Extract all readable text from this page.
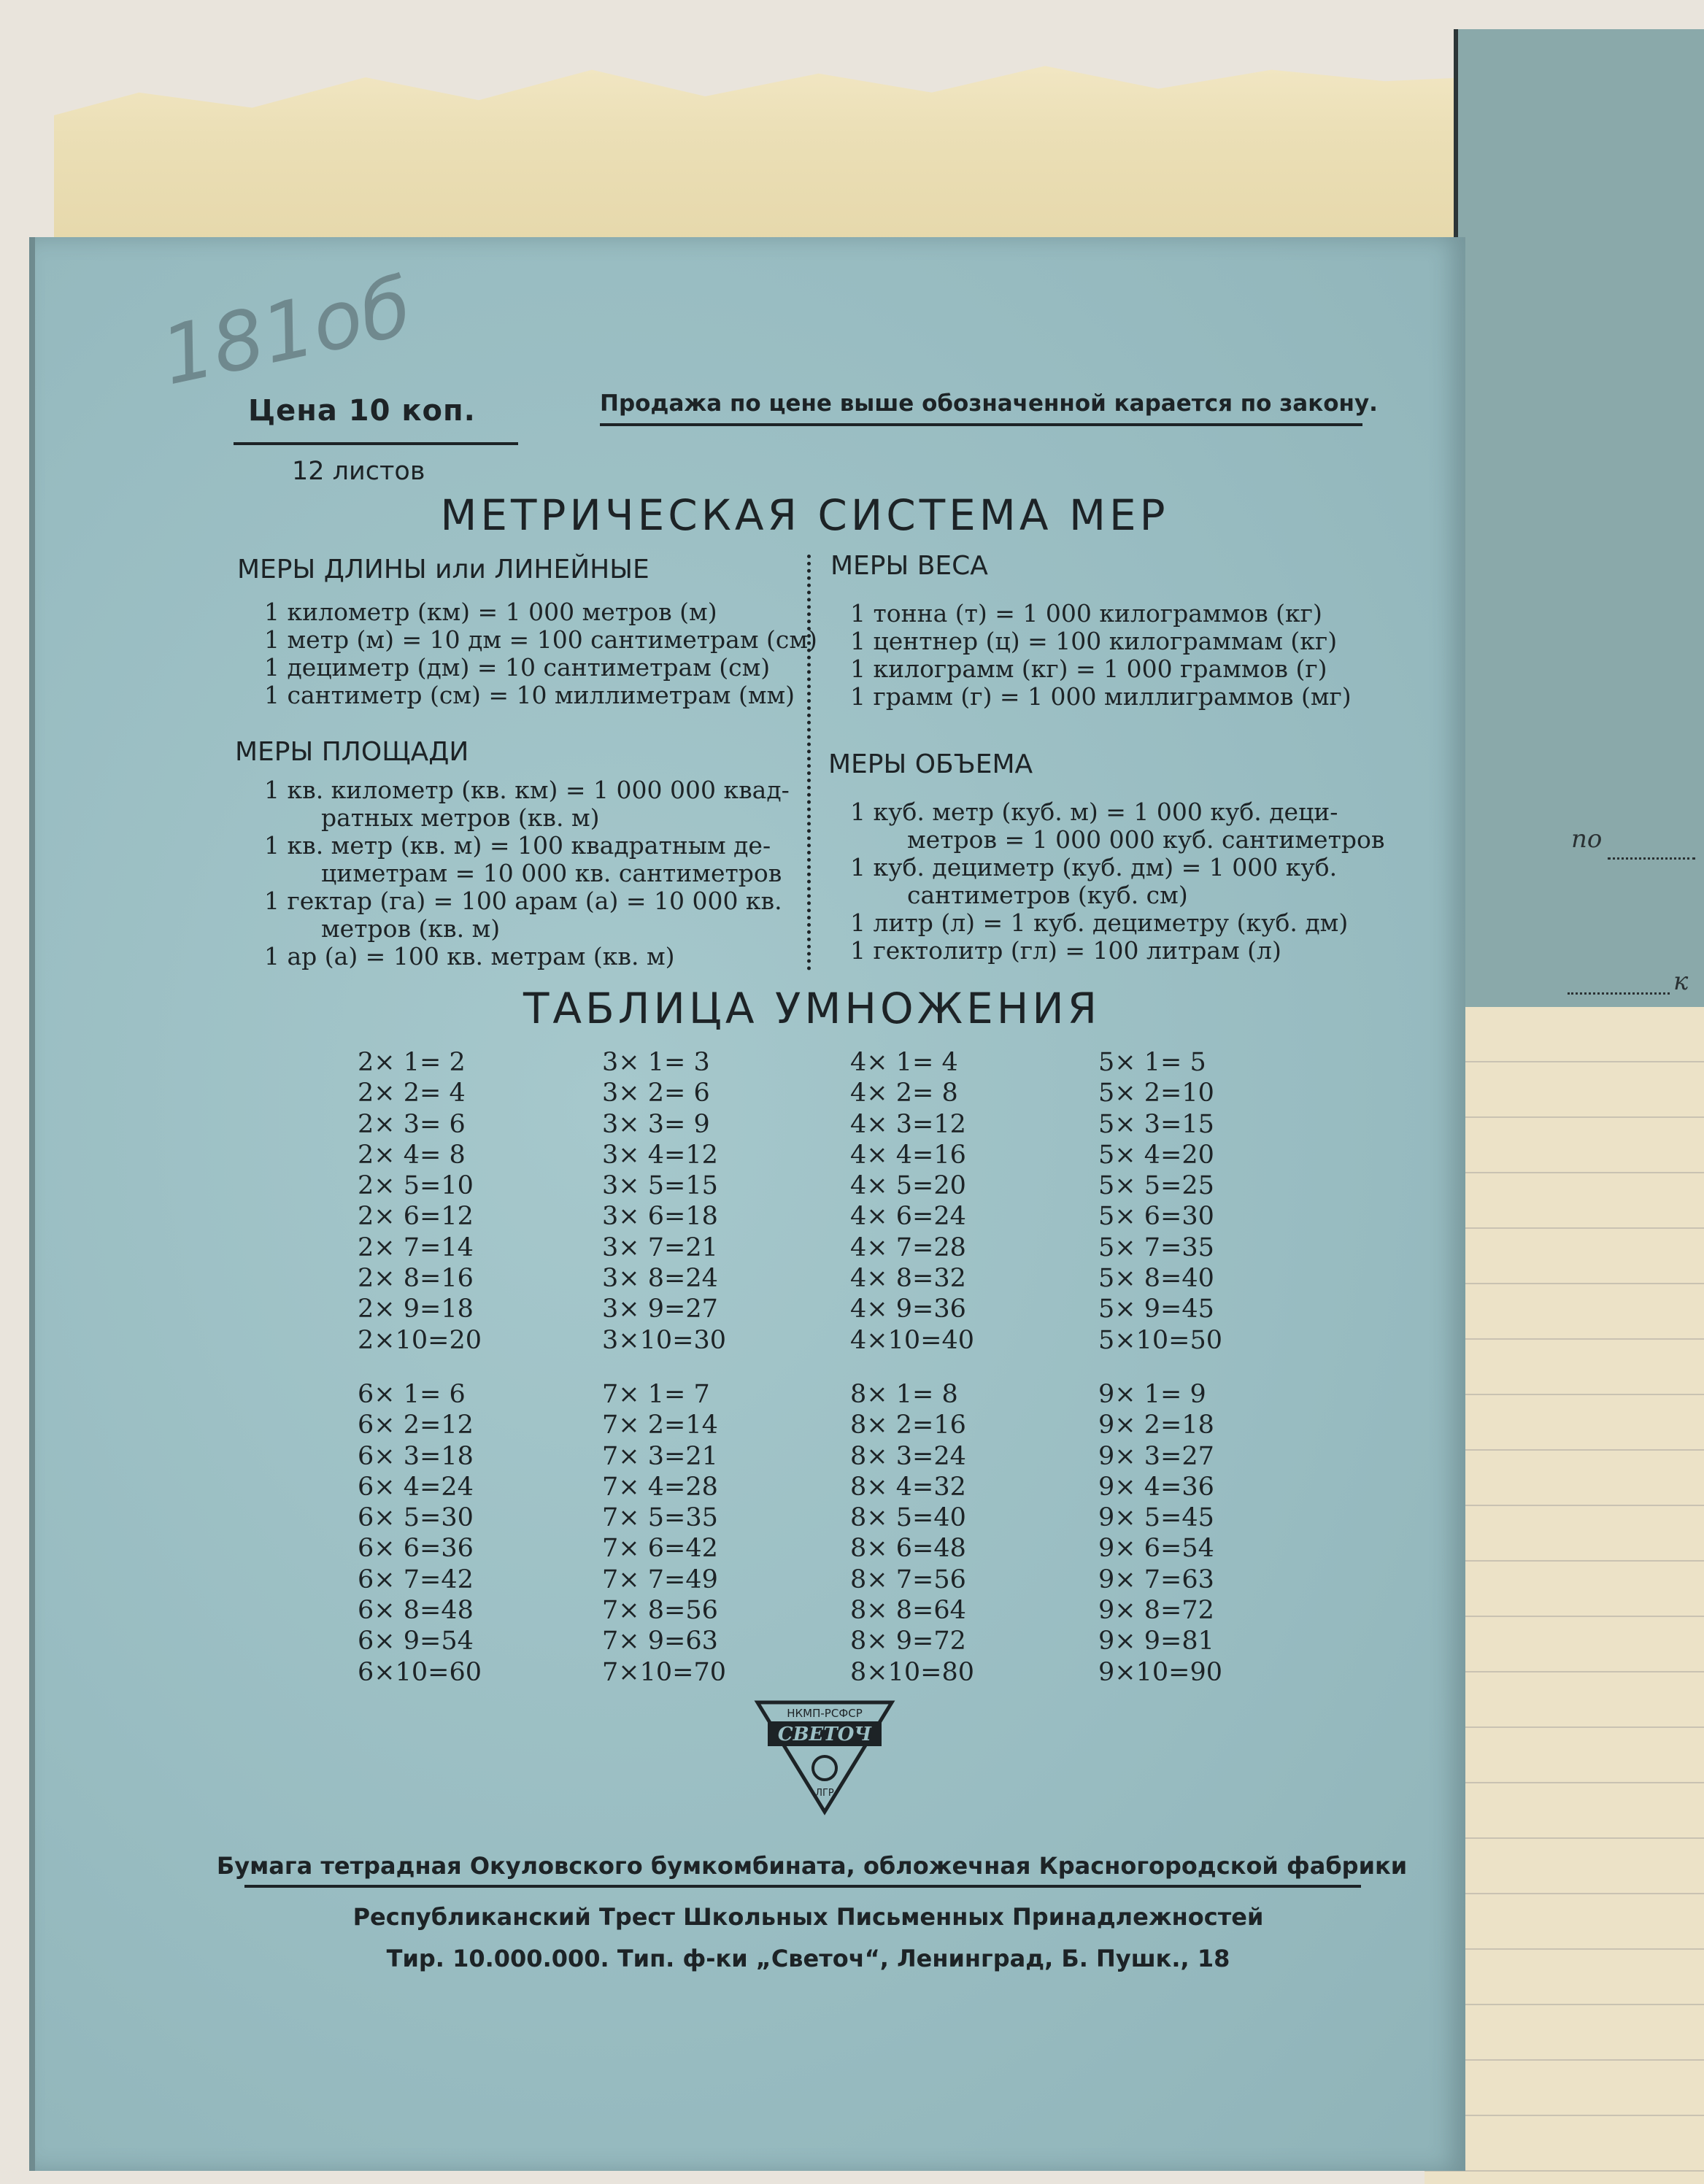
по
к
181об
Цена 10 коп.	Продажа по цене выше обозначенной карается по закону.
12 листов
МЕТРИЧЕСКАЯ СИСТЕМА МЕР
МЕРЫ ДЛИНЫ или ЛИНЕЙНЫЕ
1 километр (км) = 1 000 метров (м)
1 метр (м) = 10 дм = 100 сантиметрам (см)
1 дециметр (дм) = 10 сантиметрам (см)
1 сантиметр (см) = 10 миллиметрам (мм)
МЕРЫ ПЛОЩАДИ
1 кв. километр (кв. км) = 1 000 000 квад-
ратных метров (кв. м)
1 кв. метр (кв. м) = 100 квадратным де-
циметрам = 10 000 кв. сантиметров
1 гектар (га) = 100 арам (а) = 10 000 кв.
метров (кв. м)
1 ар (а) = 100 кв. метрам (кв. м)
МЕРЫ ВЕСА
1 тонна (т) = 1 000 килограммов (кг)
1 центнер (ц) = 100 килограммам (кг)
1 килограмм (кг) = 1 000 граммов (г)
1 грамм (г) = 1 000 миллиграммов (мг)
МЕРЫ ОБЪЕМА
1 куб. метр (куб. м) = 1 000 куб. деци-
метров = 1 000 000 куб. сантиметров
1 куб. дециметр (куб. дм) = 1 000 куб.
сантиметров (куб. см)
1 литр (л) = 1 куб. дециметру (куб. дм)
1 гектолитр (гл) = 100 литрам (л)
ТАБЛИЦА УМНОЖЕНИЯ
2× 1= 2
2× 2= 4
2× 3= 6
2× 4= 8
2× 5=10
2× 6=12
2× 7=14
2× 8=16
2× 9=18
2×10=20
3× 1= 3
3× 2= 6
3× 3= 9
3× 4=12
3× 5=15
3× 6=18
3× 7=21
3× 8=24
3× 9=27
3×10=30
4× 1= 4
4× 2= 8
4× 3=12
4× 4=16
4× 5=20
4× 6=24
4× 7=28
4× 8=32
4× 9=36
4×10=40
5× 1= 5
5× 2=10
5× 3=15
5× 4=20
5× 5=25
5× 6=30
5× 7=35
5× 8=40
5× 9=45
5×10=50
6× 1= 6
6× 2=12
6× 3=18
6× 4=24
6× 5=30
6× 6=36
6× 7=42
6× 8=48
6× 9=54
6×10=60
7× 1= 7
7× 2=14
7× 3=21
7× 4=28
7× 5=35
7× 6=42
7× 7=49
7× 8=56
7× 9=63
7×10=70
8× 1= 8
8× 2=16
8× 3=24
8× 4=32
8× 5=40
8× 6=48
8× 7=56
8× 8=64
8× 9=72
8×10=80
9× 1= 9
9× 2=18
9× 3=27
9× 4=36
9× 5=45
9× 6=54
9× 7=63
9× 8=72
9× 9=81
9×10=90
НКМП-РСФСР
СВЕТОЧ
ЛГР
Бумага тетрадная Окуловского бумкомбината, обложечная Красногородской фабрики
Республиканский Трест Школьных Письменных Принадлежностей
Тир. 10.000.000. Тип. ф-ки „Светоч“, Ленинград, Б. Пушк., 18
